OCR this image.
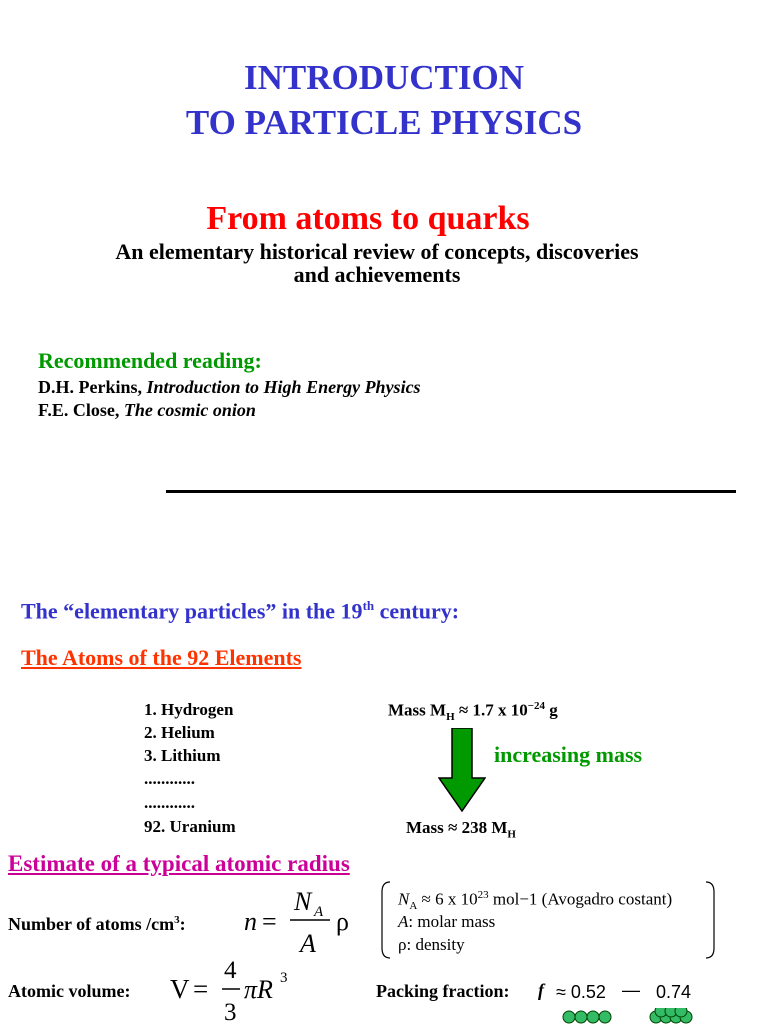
INTRODUCTION
TO PARTICLE PHYSICS
From atoms to quarks
An elementary historical review of concepts, discoveries
and achievements
Recommended reading:
D.H. Perkins, Introduction to High Energy Physics
F.E. Close, The cosmic onion
The “elementary particles” in the 19th century:
The Atoms of the 92 Elements
1. Hydrogen
2. Helium
3. Lithium
............
............
92. Uranium
Mass $M_H \approx 1.7$ x $10^{-24}$ g
increasing mass
Mass ≈ 238 $M_H$
Estimate of a typical atomic radius
Number of atoms $/cm^3$: n =
N A
A
ρ
$N_A \approx 6$ x $10^{23}$ mol−1 (Avogadro costant)
A: molar mass
ρ: density
Atomic volume: V =
4
3
πR 3
Packing fraction: f ≈ 0.52 — 0.74
